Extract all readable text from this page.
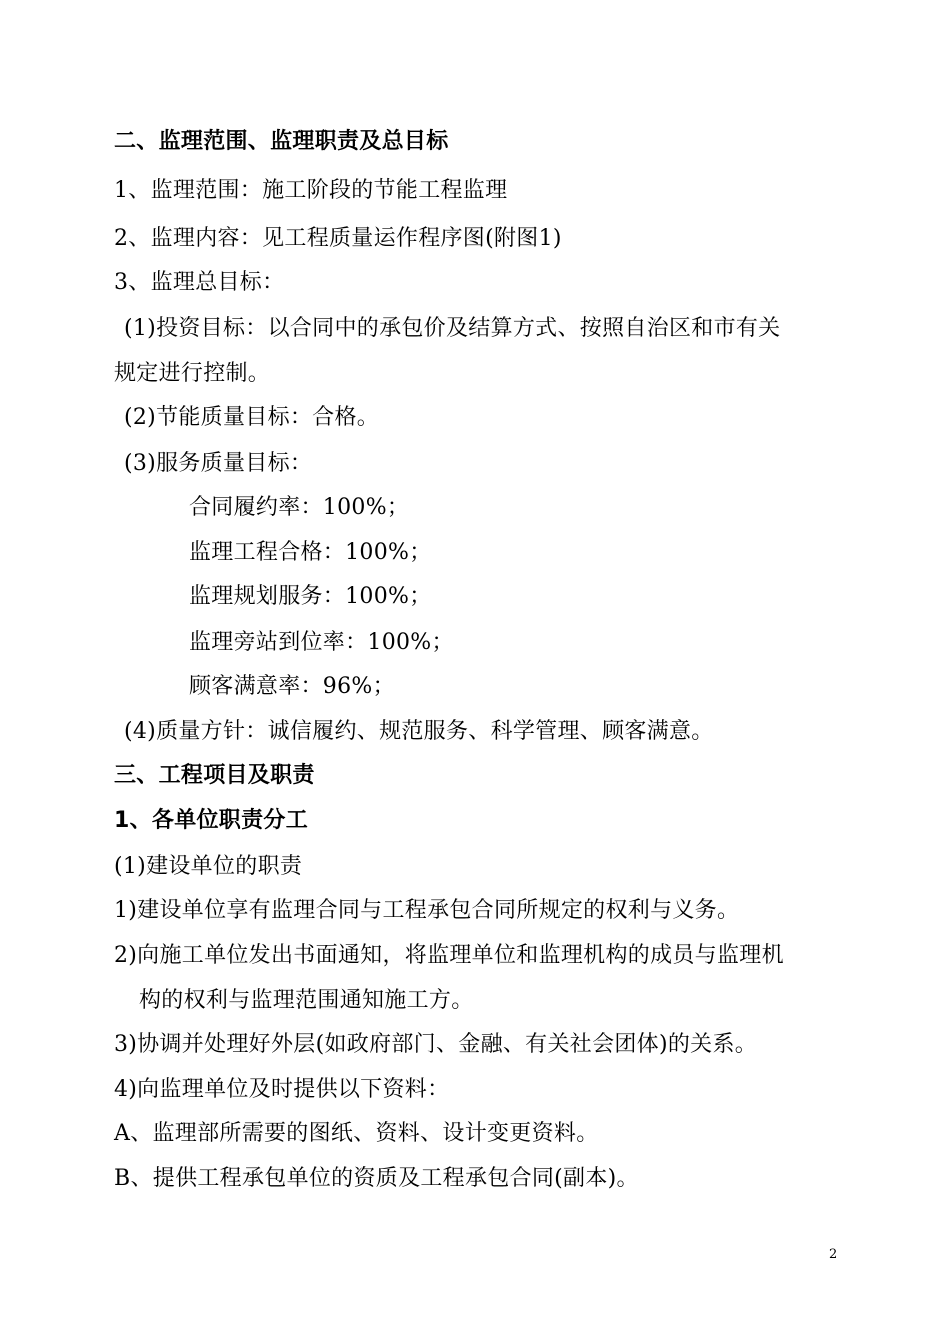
二、监理范围、监理职责及总目标
1、监理范围：施工阶段的节能工程监理
2、监理内容：见工程质量运作程序图(附图1)
3、监理总目标：
(1)投资目标：以合同中的承包价及结算方式、按照自治区和市有关
规定进行控制。
(2)节能质量目标：合格。
(3)服务质量目标：
合同履约率：100%；
监理工程合格：100%；
监理规划服务：100%；
监理旁站到位率：100%；
顾客满意率：96%；
(4)质量方针：诚信履约、规范服务、科学管理、顾客满意。
三、工程项目及职责
1、各单位职责分工
(1)建设单位的职责
1)建设单位享有监理合同与工程承包合同所规定的权利与义务。
2)向施工单位发出书面通知，将监理单位和监理机构的成员与监理机
构的权利与监理范围通知施工方。
3)协调并处理好外层(如政府部门、金融、有关社会团体)的关系。
4)向监理单位及时提供以下资料：
A、监理部所需要的图纸、资料、设计变更资料。
B、提供工程承包单位的资质及工程承包合同(副本)。
2
